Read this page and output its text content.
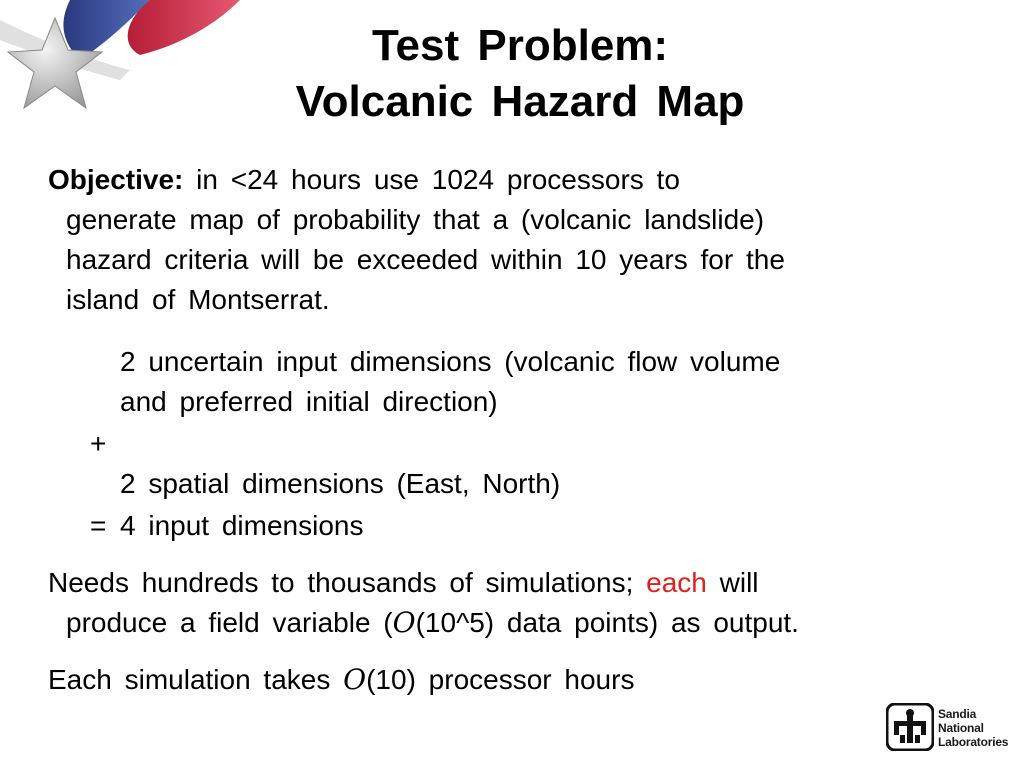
Test Problem:
Volcanic Hazard Map

Objective: in <24 hours use 1024 processors to
generate map of probability that a (volcanic landslide)
hazard criteria will be exceeded within 10 years for the
island of Montserrat.

2 uncertain input dimensions (volcanic flow volume
and preferred initial direction)
+
2 spatial dimensions (East, North)
= 4 input dimensions

Needs hundreds to thousands of simulations; each will
produce a field variable (O(10^5) data points) as output.

Each simulation takes O(10) processor hours

Sandia
National
Laboratories
